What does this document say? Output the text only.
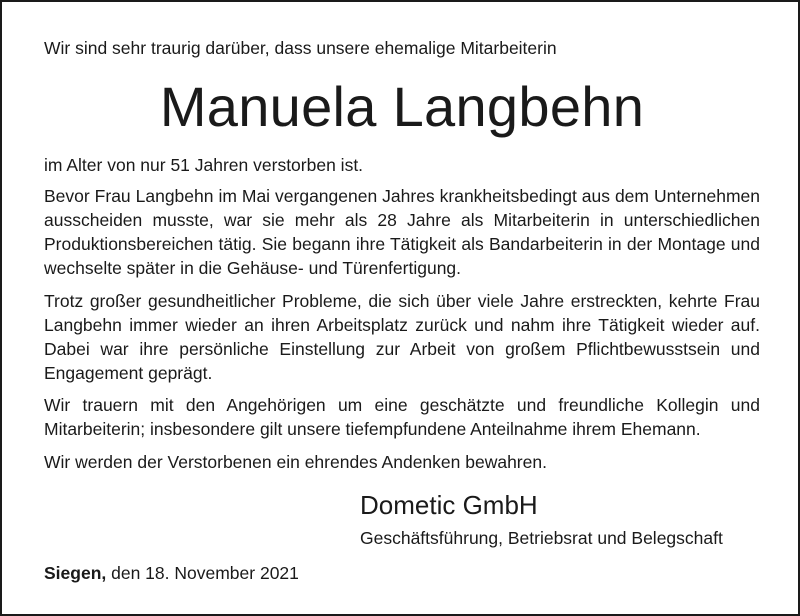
Wir sind sehr traurig darüber, dass unsere ehemalige Mitarbeiterin

Manuela Langbehn

im Alter von nur 51 Jahren verstorben ist.

Bevor Frau Langbehn im Mai vergangenen Jahres krankheitsbedingt aus dem Unternehmen ausscheiden musste, war sie mehr als 28 Jahre als Mitarbeiterin in unterschiedlichen Produktionsbereichen tätig. Sie begann ihre Tätigkeit als Bandarbeiterin in der Montage und wechselte später in die Gehäuse- und Türenfertigung.

Trotz großer gesundheitlicher Probleme, die sich über viele Jahre erstreckten, kehrte Frau Langbehn immer wieder an ihren Arbeitsplatz zurück und nahm ihre Tätigkeit wieder auf. Dabei war ihre persönliche Einstellung zur Arbeit von großem Pflichtbewusstsein und Engagement geprägt.

Wir trauern mit den Angehörigen um eine geschätzte und freundliche Kollegin und Mitarbeiterin; insbesondere gilt unsere tiefempfundene Anteilnahme ihrem Ehemann.

Wir werden der Verstorbenen ein ehrendes Andenken bewahren.

Dometic GmbH

Geschäftsführung, Betriebsrat und Belegschaft

Siegen, den 18. November 2021
